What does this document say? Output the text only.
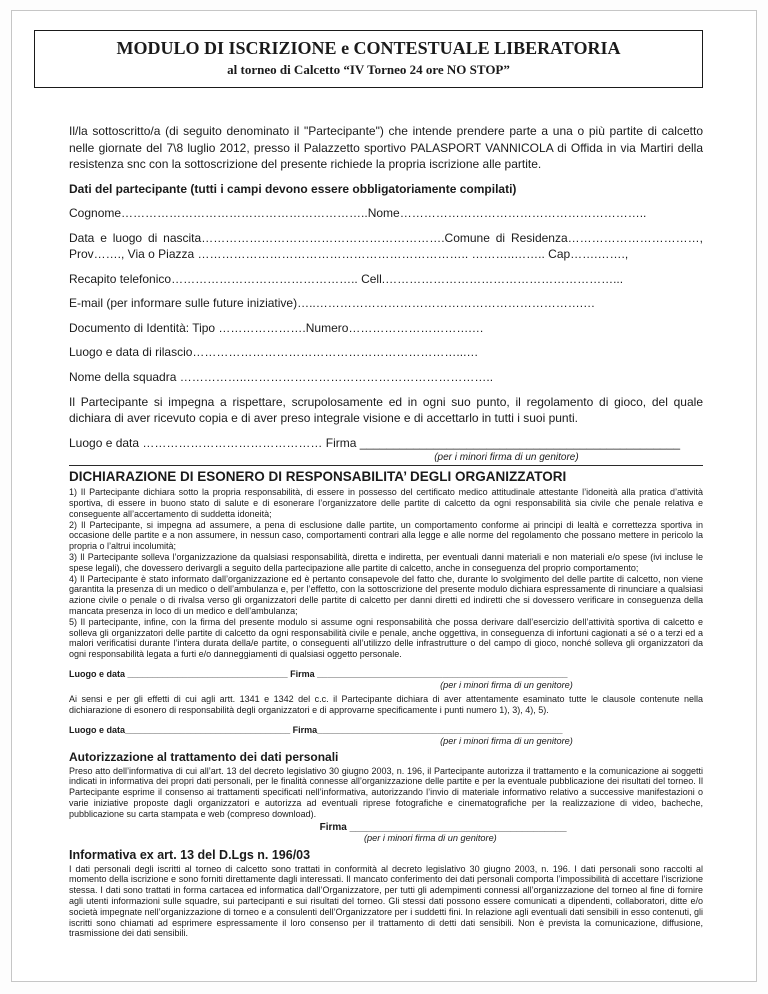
MODULO DI ISCRIZIONE e CONTESTUALE LIBERATORIA
al torneo di Calcetto “IV Torneo 24 ore NO STOP”

Il/la sottoscritto/a (di seguito denominato il "Partecipante") che intende prendere parte a una o più partite di calcetto nelle giornate del 7\8 luglio 2012, presso il Palazzetto sportivo PALASPORT VANNICOLA di Offida in via Martiri della resistenza snc con la sottoscrizione del presente richiede la propria iscrizione alle partite.

Dati del partecipante (tutti i campi devono essere obbligatoriamente compilati)

Cognome……………………………………………………..Nome……………………………………………………..

Data e luogo di nascita…………………………………………………….Comune di Residenza……………………………, Prov……., Via o Piazza ………………………………………………………….. ………..…….. Cap…….…….,

Recapito telefonico……………………………………….. Cell.…………………………………………………...

E-mail (per informare sulle future iniziative)…..………………………………………………………….…

Documento di Identità: Tipo ………………….Numero………………………….…

Luogo e data di rilascio…………………………………………………………...…

Nome della squadra ……………..……………………………………………………..

Il Partecipante si impegna a rispettare, scrupolosamente ed in ogni suo punto, il regolamento di gioco, del quale dichiara di aver ricevuto copia e di aver preso integrale visione e di accettarlo in tutti i suoi punti.

Luogo e data ……………………………………… Firma ________________________________________________

(per i minori firma di un genitore)

DICHIARAZIONE DI ESONERO DI RESPONSABILITA’ DEGLI ORGANIZZATORI

1) Il Partecipante dichiara sotto la propria responsabilità, di essere in possesso del certificato medico attitudinale attestante l’idoneità alla pratica d’attività sportiva, di essere in buono stato di salute e di esonerare l’organizzatore delle partite di calcetto da ogni responsabilità sia civile che penale relativa e conseguente all’accertamento di suddetta idoneità;

2) Il Partecipante, si impegna ad assumere, a pena di esclusione dalle partite, un comportamento conforme ai principi di lealtà e correttezza sportiva in occasione delle partite e a non assumere, in nessun caso, comportamenti contrari alla legge e alle norme del regolamento che possano mettere in pericolo la propria o l’altrui incolumità;

3) Il Partecipante solleva l’organizzazione da qualsiasi responsabilità, diretta e indiretta, per eventuali danni materiali e non materiali e/o spese (ivi incluse le spese legali), che dovessero derivargli a seguito della partecipazione alle partite di calcetto, anche in conseguenza del proprio comportamento;

4) Il Partecipante è stato informato dall’organizzazione ed è pertanto consapevole del fatto che, durante lo svolgimento del delle partite di calcetto, non viene garantita la presenza di un medico o dell’ambulanza e, per l’effetto, con la sottoscrizione del presente modulo dichiara espressamente di rinunciare a qualsiasi azione civile o penale o di rivalsa verso gli organizzatori delle partite di calcetto per danni diretti ed indiretti che si dovessero verificare in conseguenza della mancata presenza in loco di un medico e dell’ambulanza;

5) Il partecipante, infine, con la firma del presente modulo si assume ogni responsabilità che possa derivare dall’esercizio dell’attività sportiva di calcetto e solleva gli organizzatori delle partite di calcetto da ogni responsabilità civile e penale, anche oggettiva, in conseguenza di infortuni cagionati a sé o a terzi ed a malori verificatisi durante l’intera durata della/e partite, o conseguenti all’utilizzo delle infrastrutture o del campo di gioco, nonché solleva gli organizzatori da ogni responsabilità legata a furti e/o danneggiamenti di qualsiasi oggetto personale.

Luogo e data ________________________________ Firma __________________________________________________

(per i minori firma di un genitore)

Ai sensi e per gli effetti di cui agli artt. 1341 e 1342 del c.c. il Partecipante dichiara di aver attentamente esaminato tutte le clausole contenute nella dichiarazione di esonero di responsabilità degli organizzatori e di approvarne specificamente i punti numero 1), 3), 4), 5).

Luogo e data_________________________________ Firma_________________________________________________

(per i minori firma di un genitore)

Autorizzazione al trattamento dei dati personali

Preso atto dell’informativa di cui all’art. 13 del decreto legislativo 30 giugno 2003, n. 196, il Partecipante autorizza il trattamento e la comunicazione ai soggetti indicati in informativa dei propri dati personali, per le finalità connesse all’organizzazione delle partite e per la eventuale pubblicazione dei risultati del torneo. Il Partecipante esprime il consenso ai trattamenti specificati nell’informativa, autorizzando l’invio di materiale informativo relativo a successive manifestazioni o varie iniziative proposte dagli organizzatori e autorizza ad eventuali riprese fotografiche e cinematografiche per la realizzazione di video, bacheche, pubblicazione su carta stampata e web (compreso download).

Firma _______________________________________

(per i minori firma di un genitore)

Informativa ex art. 13 del D.Lgs n. 196/03

I dati personali degli iscritti al torneo di calcetto sono trattati in conformità al decreto legislativo 30 giugno 2003, n. 196. I dati personali sono raccolti al momento della iscrizione e sono forniti direttamente dagli interessati. Il mancato conferimento dei dati personali comporta l’impossibilità di accettare l’iscrizione stessa. I dati sono trattati in forma cartacea ed informatica dall’Organizzatore, per tutti gli adempimenti connessi all’organizzazione del torneo al fine di fornire agli utenti informazioni sulle squadre, sui partecipanti e sui risultati del torneo. Gli stessi dati possono essere comunicati a dipendenti, collaboratori, ditte e/o società impegnate nell’organizzazione di torneo e a consulenti dell’Organizzatore per i suddetti fini. In relazione agli eventuali dati sensibili in esso contenuti, gli iscritti sono chiamati ad esprimere espressamente il loro consenso per il trattamento di detti dati sensibili. Non è prevista la comunicazione, diffusione, trasmissione dei dati sensibili.
